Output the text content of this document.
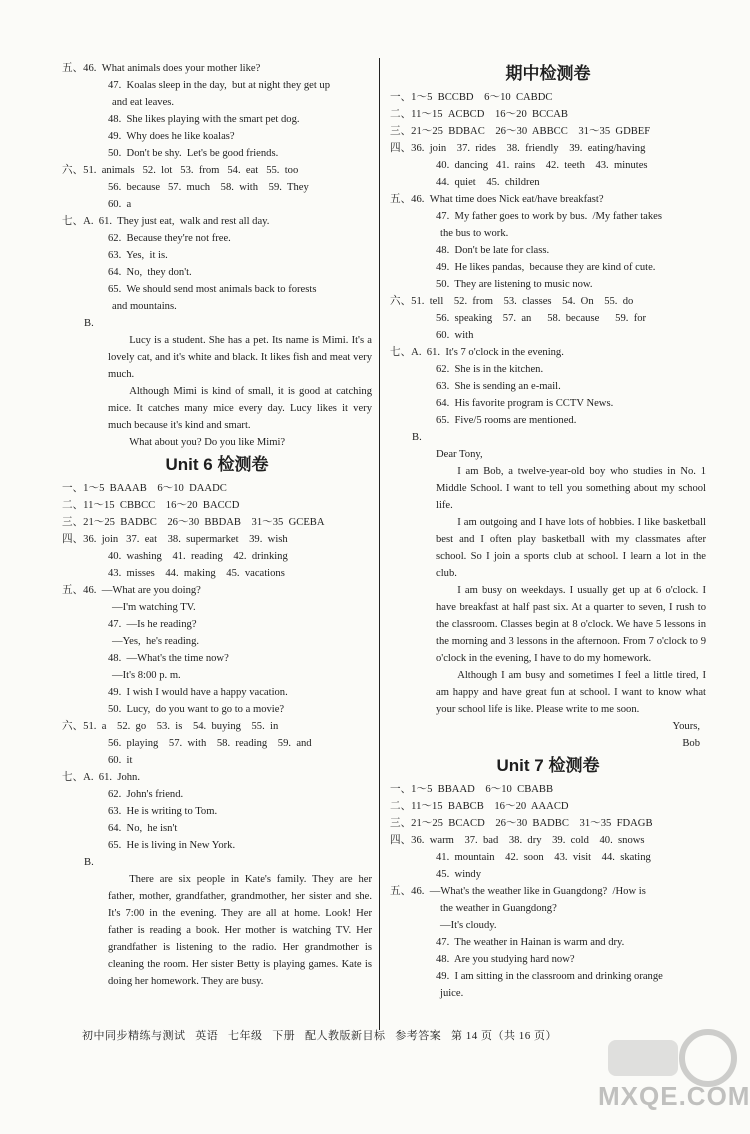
五、46.  What animals does your mother like?
47.  Koalas sleep in the day,  but at night they get up
and eat leaves.
48.  She likes playing with the smart pet dog.
49.  Why does he like koalas?
50.  Don't be shy.  Let's be good friends.
六、51.  animals   52.  lot   53.  from   54.  eat   55.  too
56.  because   57.  much    58.  with    59.  They
60.  a
七、A.  61.  They just eat,  walk and rest all day.
62.  Because they're not free.
63.  Yes,  it is.
64.  No,  they don't.
65.  We should send most animals back to forests
and mountains.
B.
Lucy is a student. She has a pet. Its name is Mimi. It's a lovely cat, and it's white and black. It likes fish and meat very much.
Although Mimi is kind of small, it is good at catching mice. It catches many mice every day. Lucy likes it very much because it's kind and smart.
What about you? Do you like Mimi?
Unit 6 检测卷
一、1～5  BAAAB    6～10  DAADC
二、11～15  CBBCC    16～20  BACCD
三、21～25  BADBC    26～30  BBDAB    31～35  GCEBA
四、36.  join   37.  eat    38.  supermarket    39.  wish
40.  washing    41.  reading    42.  drinking
43.  misses    44.  making    45.  vacations
五、46.  —What are you doing?
—I'm watching TV.
47.  —Is he reading?
—Yes,  he's reading.
48.  —What's the time now?
—It's 8:00 p. m.
49.  I wish I would have a happy vacation.
50.  Lucy,  do you want to go to a movie?
六、51.  a    52.  go    53.  is    54.  buying    55.  in
56.  playing    57.  with    58.  reading    59.  and
60.  it
七、A.  61.  John.
62.  John's friend.
63.  He is writing to Tom.
64.  No,  he isn't
65.  He is living in New York.
B.
There are six people in Kate's family. They are her father, mother, grandfather, grandmother, her sister and she. It's 7:00 in the evening. They are all at home. Look! Her father is reading a book. Her mother is watching TV. Her grandfather is listening to the radio. Her grandmother is cleaning the room. Her sister Betty is playing games. Kate is doing her homework. They are busy.
期中检测卷
一、1～5  BCCBD    6～10  CABDC
二、11～15  ACBCD    16～20  BCCAB
三、21～25  BDBAC    26～30  ABBCC    31～35  GDBEF
四、36.  join    37.  rides    38.  friendly    39.  eating/having
40.  dancing   41.  rains    42.  teeth    43.  minutes
44.  quiet    45.  children
五、46.  What time does Nick eat/have breakfast?
47.  My father goes to work by bus.  /My father takes
the bus to work.
48.  Don't be late for class.
49.  He likes pandas,  because they are kind of cute.
50.  They are listening to music now.
六、51.  tell    52.  from    53.  classes    54.  On    55.  do
56.  speaking    57.  an      58.  because      59.  for
60.  with
七、A.  61.  It's 7 o'clock in the evening.
62.  She is in the kitchen.
63.  She is sending an e-mail.
64.  His favorite program is CCTV News.
65.  Five/5 rooms are mentioned.
B.
Dear Tony,
I am Bob, a twelve-year-old boy who studies in No. 1 Middle School. I want to tell you something about my school life.
I am outgoing and I have lots of hobbies. I like basketball best and I often play basketball with my classmates after school. So I join a sports club at school. I learn a lot in the club.
I am busy on weekdays. I usually get up at 6 o'clock. I have breakfast at half past six. At a quarter to seven, I rush to the classroom. Classes begin at 8 o'clock. We have 5 lessons in the morning and 3 lessons in the afternoon. From 7 o'clock to 9 o'clock in the evening, I have to do my homework.
Although I am busy and sometimes I feel a little tired, I am happy and have great fun at school. I want to know what your school life is like. Please write to me soon.
Yours,
Bob
Unit 7 检测卷
一、1～5  BBAAD    6～10  CBABB
二、11～15  BABCB    16～20  AAACD
三、21～25  BCACD    26～30  BADBC    31～35  FDAGB
四、36.  warm    37.  bad    38.  dry    39.  cold    40.  snows
41.  mountain    42.  soon    43.  visit    44.  skating
45.  windy
五、46.  —What's the weather like in Guangdong?  /How is
the weather in Guangdong?
—It's cloudy.
47.  The weather in Hainan is warm and dry.
48.  Are you studying hard now?
49.  I am sitting in the classroom and drinking orange
juice.
初中同步精练与测试   英语   七年级   下册   配人教版新目标   参考答案   第 14 页（共 16 页）
MXQE.COM
